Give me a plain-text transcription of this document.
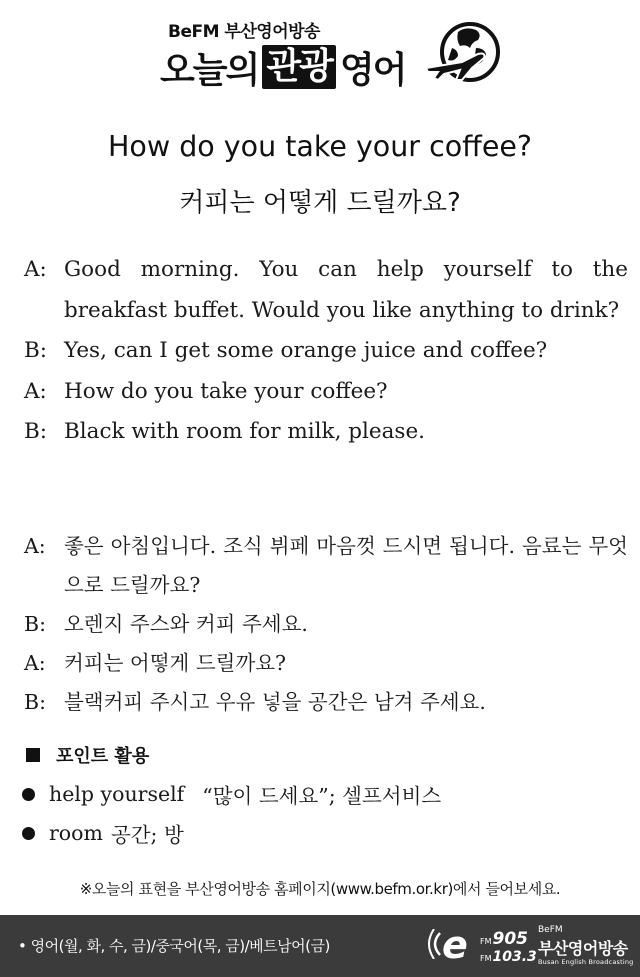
BeFM 부산영어방송
오늘의 관광 영어
How do you take your coffee?
커피는 어떻게 드릴까요?
A: Good morning. You can help yourself to the breakfast buffet. Would you like anything to drink?
B: Yes, can I get some orange juice and coffee?
A: How do you take your coffee?
B: Black with room for milk, please.
A: 좋은 아침입니다. 조식 뷔페 마음껏 드시면 됩니다. 음료는 무엇으로 드릴까요?
B: 오렌지 주스와 커피 주세요.
A: 커피는 어떻게 드릴까요?
B: 블랙커피 주시고 우유 넣을 공간은 남겨 주세요.
포인트 활용
help yourself “많이 드세요”; 셀프서비스
room 공간; 방
※오늘의 표현을 부산영어방송 홈페이지(www.befm.or.kr)에서 들어보세요.
• 영어(월, 화, 수, 금)/중국어(목, 금)/베트남어(금)	e FM905
FM103.3
BeFM
부산영어방송
Busan English Broadcasting
